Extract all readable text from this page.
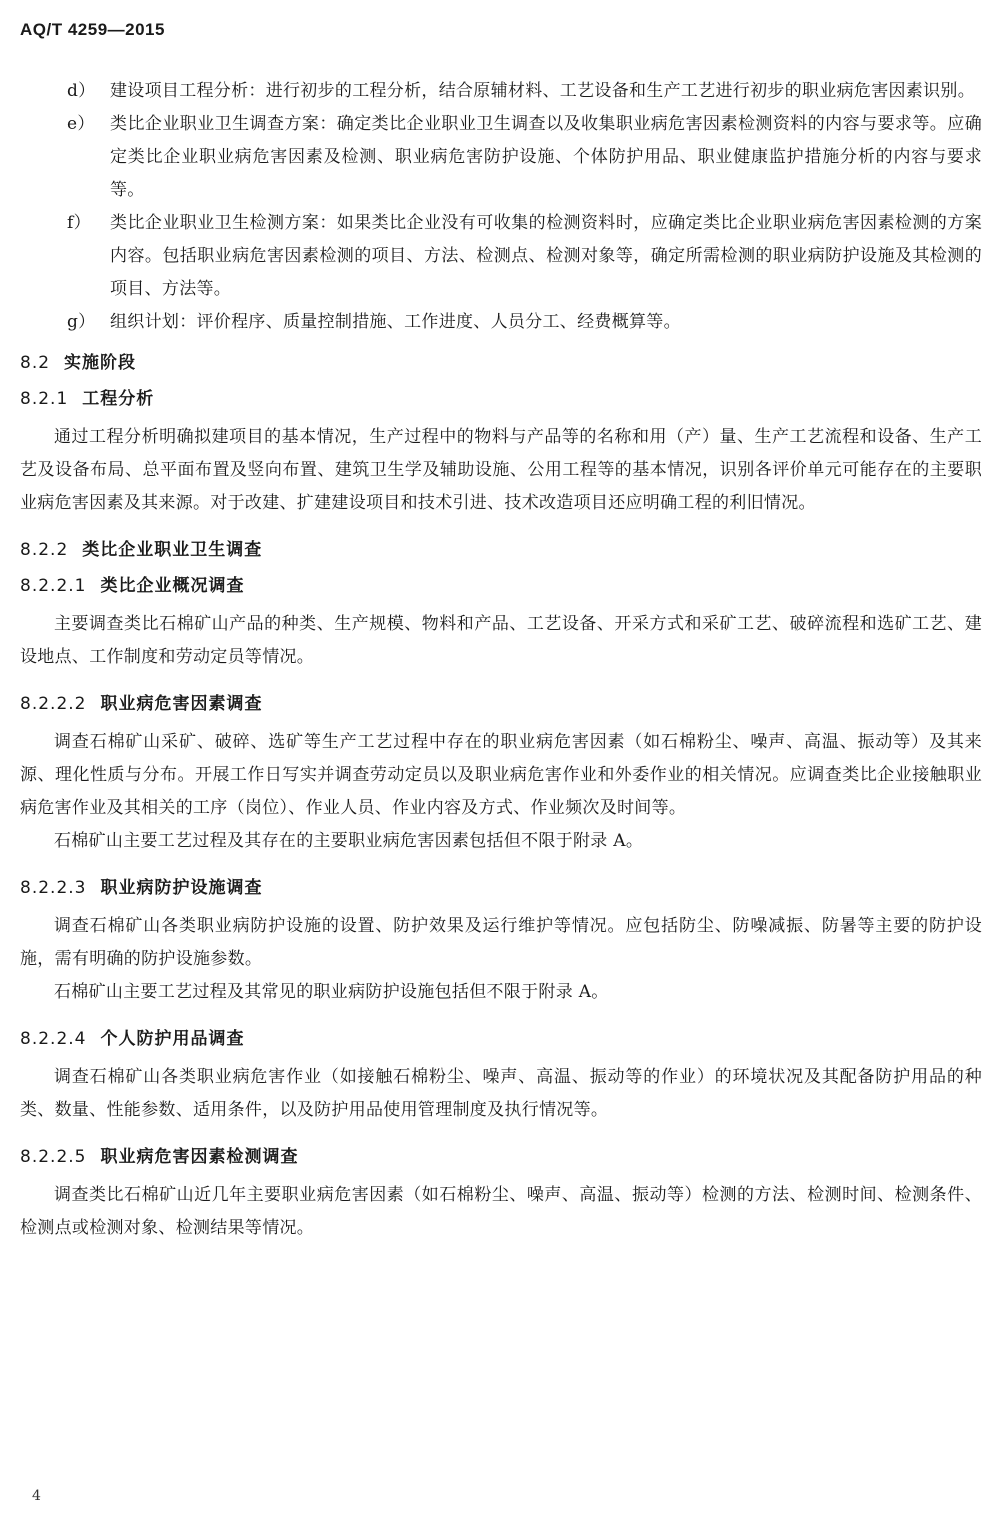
AQ/T 4259—2015
d） 建设项目工程分析：进行初步的工程分析，结合原辅材料、工艺设备和生产工艺进行初步的职业病危害因素识别。
e） 类比企业职业卫生调查方案：确定类比企业职业卫生调查以及收集职业病危害因素检测资料的内容与要求等。应确定类比企业职业病危害因素及检测、职业病危害防护设施、个体防护用品、职业健康监护措施分析的内容与要求等。
f）	类比企业职业卫生检测方案：如果类比企业没有可收集的检测资料时，应确定类比企业职业病危害因素检测的方案内容。包括职业病危害因素检测的项目、方法、检测点、检测对象等，确定所需检测的职业病防护设施及其检测的项目、方法等。
g） 组织计划：评价程序、质量控制措施、工作进度、人员分工、经费概算等。
8.2 实施阶段
8.2.1 工程分析

通过工程分析明确拟建项目的基本情况，生产过程中的物料与产品等的名称和用（产）量、生产工艺流程和设备、生产工艺及设备布局、总平面布置及竖向布置、建筑卫生学及辅助设施、公用工程等的基本情况，识别各评价单元可能存在的主要职业病危害因素及其来源。对于改建、扩建建设项目和技术引进、技术改造项目还应明确工程的利旧情况。

8.2.2 类比企业职业卫生调查
8.2.2.1 类比企业概况调查

主要调查类比石棉矿山产品的种类、生产规模、物料和产品、工艺设备、开采方式和采矿工艺、破碎流程和选矿工艺、建设地点、工作制度和劳动定员等情况。

8.2.2.2 职业病危害因素调查

调查石棉矿山采矿、破碎、选矿等生产工艺过程中存在的职业病危害因素（如石棉粉尘、噪声、高温、振动等）及其来源、理化性质与分布。开展工作日写实并调查劳动定员以及职业病危害作业和外委作业的相关情况。应调查类比企业接触职业病危害作业及其相关的工序（岗位）、作业人员、作业内容及方式、作业频次及时间等。

石棉矿山主要工艺过程及其存在的主要职业病危害因素包括但不限于附录 A。

8.2.2.3 职业病防护设施调查

调查石棉矿山各类职业病防护设施的设置、防护效果及运行维护等情况。应包括防尘、防噪减振、防暑等主要的防护设施，需有明确的防护设施参数。

石棉矿山主要工艺过程及其常见的职业病防护设施包括但不限于附录 A。

8.2.2.4 个人防护用品调查

调查石棉矿山各类职业病危害作业（如接触石棉粉尘、噪声、高温、振动等的作业）的环境状况及其配备防护用品的种类、数量、性能参数、适用条件，以及防护用品使用管理制度及执行情况等。

8.2.2.5 职业病危害因素检测调查

调查类比石棉矿山近几年主要职业病危害因素（如石棉粉尘、噪声、高温、振动等）检测的方法、检测时间、检测条件、检测点或检测对象、检测结果等情况。

4
